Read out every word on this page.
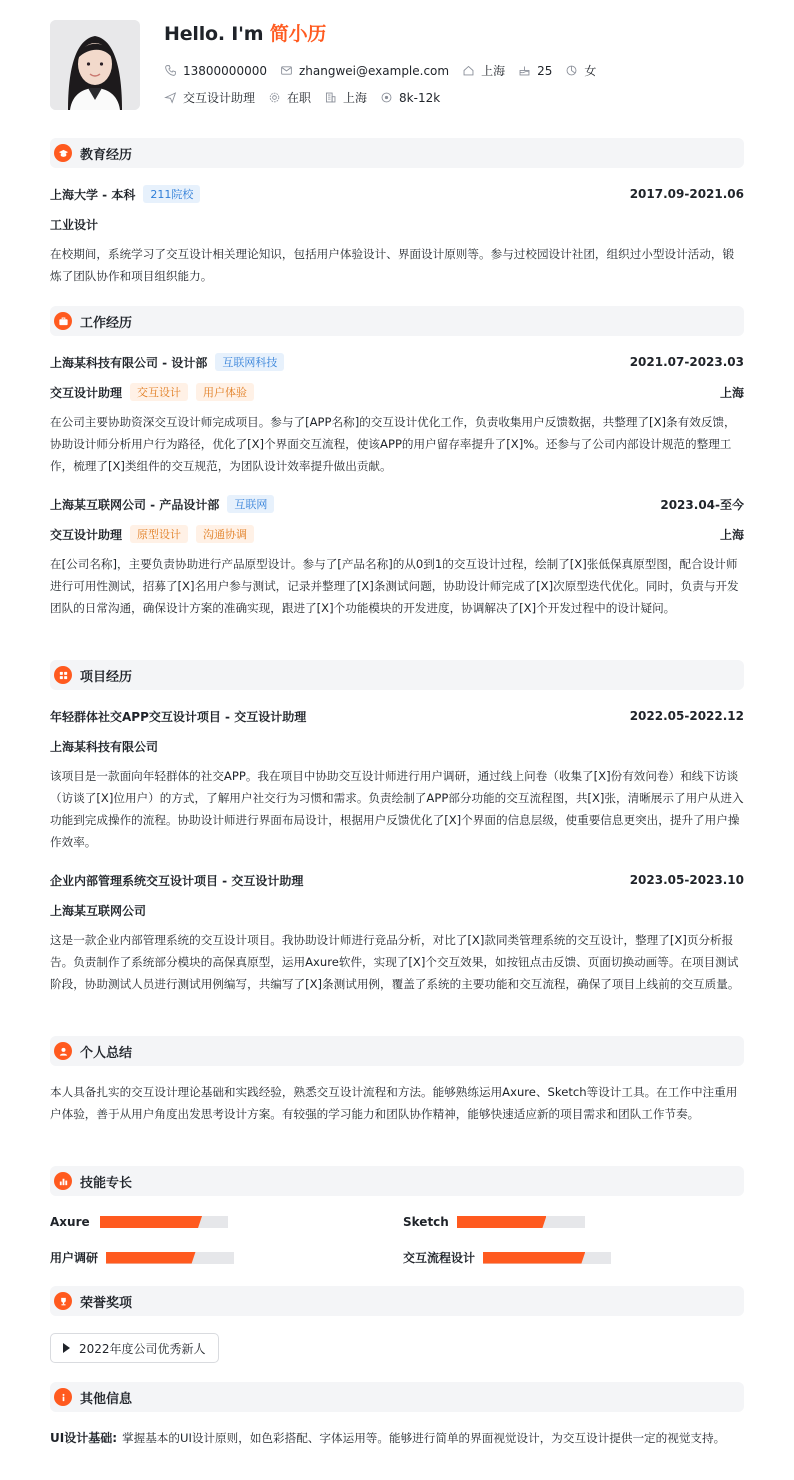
Hello. I'm 简小历
13800000000	zhangwei@example.com	上海	25	女
交互设计助理	在职	上海	8k-12k
教育经历
上海大学 - 本科	211院校	2017.09-2021.06
工业设计
在校期间，系统学习了交互设计相关理论知识，包括用户体验设计、界面设计原则等。参与过校园设计社团，组织过小型设计活动，锻炼了团队协作和项目组织能力。
工作经历
上海某科技有限公司 - 设计部	互联网科技	2021.07-2023.03
交互设计助理	交互设计	用户体验	上海
在公司主要协助资深交互设计师完成项目。参与了[APP名称]的交互设计优化工作，负责收集用户反馈数据，共整理了[X]条有效反馈，协助设计师分析用户行为路径，优化了[X]个界面交互流程，使该APP的用户留存率提升了[X]%。还参与了公司内部设计规范的整理工作，梳理了[X]类组件的交互规范，为团队设计效率提升做出贡献。
上海某互联网公司 - 产品设计部	互联网	2023.04-至今
交互设计助理	原型设计	沟通协调	上海
在[公司名称]，主要负责协助进行产品原型设计。参与了[产品名称]的从0到1的交互设计过程，绘制了[X]张低保真原型图，配合设计师进行可用性测试，招募了[X]名用户参与测试，记录并整理了[X]条测试问题，协助设计师完成了[X]次原型迭代优化。同时，负责与开发团队的日常沟通，确保设计方案的准确实现，跟进了[X]个功能模块的开发进度，协调解决了[X]个开发过程中的设计疑问。
项目经历
年轻群体社交APP交互设计项目 - 交互设计助理	2022.05-2022.12
上海某科技有限公司
该项目是一款面向年轻群体的社交APP。我在项目中协助交互设计师进行用户调研，通过线上问卷（收集了[X]份有效问卷）和线下访谈（访谈了[X]位用户）的方式，了解用户社交行为习惯和需求。负责绘制了APP部分功能的交互流程图，共[X]张，清晰展示了用户从进入功能到完成操作的流程。协助设计师进行界面布局设计，根据用户反馈优化了[X]个界面的信息层级，使重要信息更突出，提升了用户操作效率。
企业内部管理系统交互设计项目 - 交互设计助理	2023.05-2023.10
上海某互联网公司
这是一款企业内部管理系统的交互设计项目。我协助设计师进行竞品分析，对比了[X]款同类管理系统的交互设计，整理了[X]页分析报告。负责制作了系统部分模块的高保真原型，运用Axure软件，实现了[X]个交互效果，如按钮点击反馈、页面切换动画等。在项目测试阶段，协助测试人员进行测试用例编写，共编写了[X]条测试用例，覆盖了系统的主要功能和交互流程，确保了项目上线前的交互质量。
个人总结
本人具备扎实的交互设计理论基础和实践经验，熟悉交互设计流程和方法。能够熟练运用Axure、Sketch等设计工具。在工作中注重用户体验，善于从用户角度出发思考设计方案。有较强的学习能力和团队协作精神，能够快速适应新的项目需求和团队工作节奏。
技能专长
Axure	Sketch
用户调研	交互流程设计
荣誉奖项
2022年度公司优秀新人
其他信息
UI设计基础: 掌握基本的UI设计原则，如色彩搭配、字体运用等。能够进行简单的界面视觉设计，为交互设计提供一定的视觉支持。
